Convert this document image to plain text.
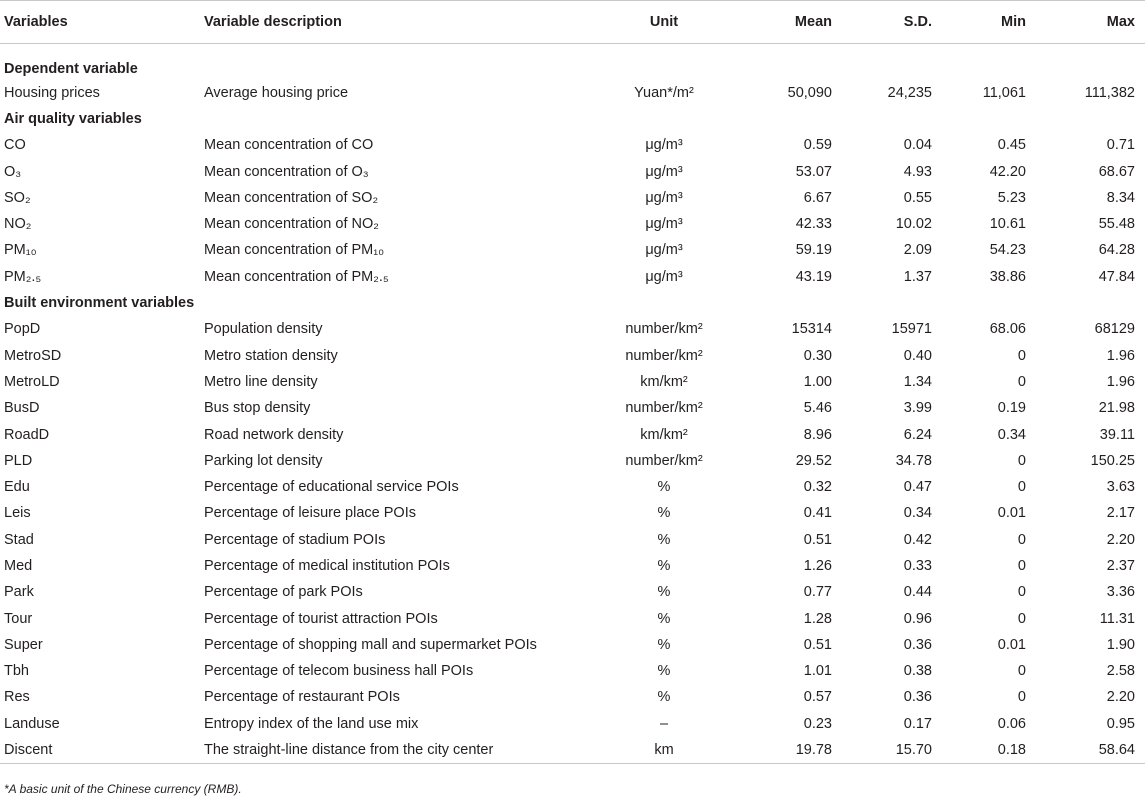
Variables	Variable description	Unit	Mean	S.D.	Min	Max
Dependent variable						
Housing prices	Average housing price	Yuan*/m²	50,090	24,235	11,061	111,382
Air quality variables						
CO	Mean concentration of CO	μg/m³	0.59	0.04	0.45	0.71
O₃	Mean concentration of O₃	μg/m³	53.07	4.93	42.20	68.67
SO₂	Mean concentration of SO₂	μg/m³	6.67	0.55	5.23	8.34
NO₂	Mean concentration of NO₂	μg/m³	42.33	10.02	10.61	55.48
PM₁₀	Mean concentration of PM₁₀	μg/m³	59.19	2.09	54.23	64.28
PM₂.₅	Mean concentration of PM₂.₅	μg/m³	43.19	1.37	38.86	47.84
Built environment variables						
PopD	Population density	number/km²	15314	15971	68.06	68129
MetroSD	Metro station density	number/km²	0.30	0.40	0	1.96
MetroLD	Metro line density	km/km²	1.00	1.34	0	1.96
BusD	Bus stop density	number/km²	5.46	3.99	0.19	21.98
RoadD	Road network density	km/km²	8.96	6.24	0.34	39.11
PLD	Parking lot density	number/km²	29.52	34.78	0	150.25
Edu	Percentage of educational service POIs	%	0.32	0.47	0	3.63
Leis	Percentage of leisure place POIs	%	0.41	0.34	0.01	2.17
Stad	Percentage of stadium POIs	%	0.51	0.42	0	2.20
Med	Percentage of medical institution POIs	%	1.26	0.33	0	2.37
Park	Percentage of park POIs	%	0.77	0.44	0	3.36
Tour	Percentage of tourist attraction POIs	%	1.28	0.96	0	11.31
Super	Percentage of shopping mall and supermarket POIs	%	0.51	0.36	0.01	1.90
Tbh	Percentage of telecom business hall POIs	%	1.01	0.38	0	2.58
Res	Percentage of restaurant POIs	%	0.57	0.36	0	2.20
Landuse	Entropy index of the land use mix	–	0.23	0.17	0.06	0.95
Discent	The straight-line distance from the city center	km	19.78	15.70	0.18	58.64
*A basic unit of the Chinese currency (RMB).
